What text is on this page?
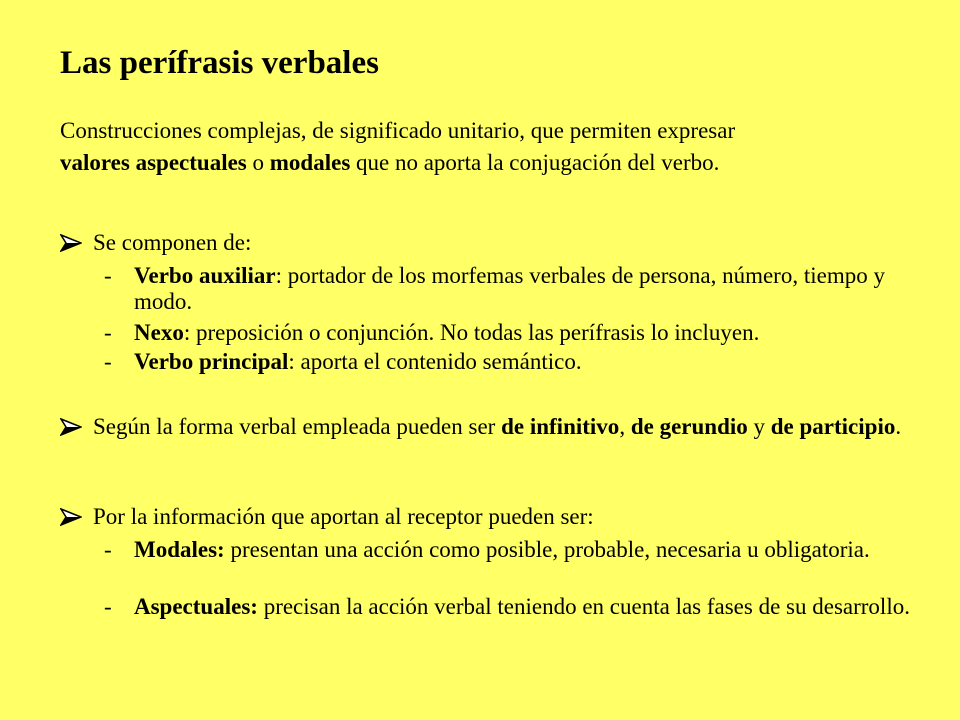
Las perífrasis verbales

Construcciones complejas, de significado unitario, que permiten expresar
valores aspectuales o modales que no aporta la conjugación del verbo.

Se componen de:
- Verbo auxiliar: portador de los morfemas verbales de persona, número, tiempo y modo.
- Nexo: preposición o conjunción. No todas las perífrasis lo incluyen.
- Verbo principal: aporta el contenido semántico.
Según la forma verbal empleada pueden ser de infinitivo, de gerundio y de participio.
Por la información que aportan al receptor pueden ser:
- Modales: presentan una acción como posible, probable, necesaria u obligatoria.
- Aspectuales: precisan la acción verbal teniendo en cuenta las fases de su desarrollo.
